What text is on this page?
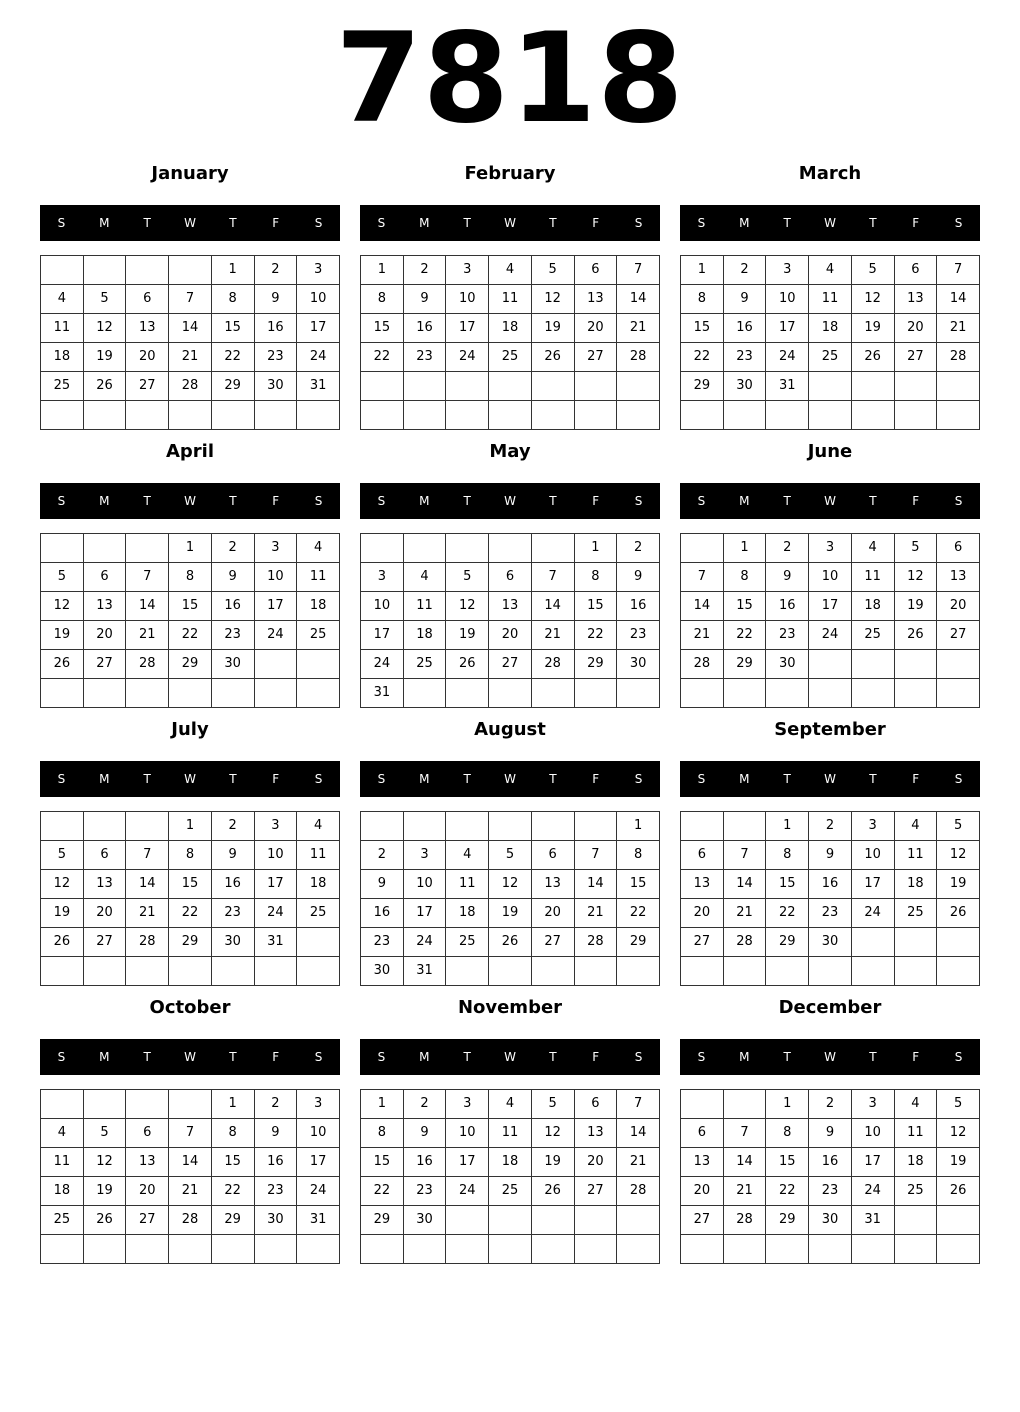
7818
January
S	M	T	W	T	F	S
				1	2	3
4	5	6	7	8	9	10
11	12	13	14	15	16	17
18	19	20	21	22	23	24
25	26	27	28	29	30	31

February
S	M	T	W	T	F	S
1	2	3	4	5	6	7
8	9	10	11	12	13	14
15	16	17	18	19	20	21
22	23	24	25	26	27	28

March
S	M	T	W	T	F	S
1	2	3	4	5	6	7
8	9	10	11	12	13	14
15	16	17	18	19	20	21
22	23	24	25	26	27	28
29	30	31				

April
S	M	T	W	T	F	S
			1	2	3	4
5	6	7	8	9	10	11
12	13	14	15	16	17	18
19	20	21	22	23	24	25
26	27	28	29	30		

May
S	M	T	W	T	F	S
					1	2
3	4	5	6	7	8	9
10	11	12	13	14	15	16
17	18	19	20	21	22	23
24	25	26	27	28	29	30
31						
June
S	M	T	W	T	F	S
	1	2	3	4	5	6
7	8	9	10	11	12	13
14	15	16	17	18	19	20
21	22	23	24	25	26	27
28	29	30				

July
S	M	T	W	T	F	S
			1	2	3	4
5	6	7	8	9	10	11
12	13	14	15	16	17	18
19	20	21	22	23	24	25
26	27	28	29	30	31	

August
S	M	T	W	T	F	S
						1
2	3	4	5	6	7	8
9	10	11	12	13	14	15
16	17	18	19	20	21	22
23	24	25	26	27	28	29
30	31					
September
S	M	T	W	T	F	S
		1	2	3	4	5
6	7	8	9	10	11	12
13	14	15	16	17	18	19
20	21	22	23	24	25	26
27	28	29	30			

October
S	M	T	W	T	F	S
				1	2	3
4	5	6	7	8	9	10
11	12	13	14	15	16	17
18	19	20	21	22	23	24
25	26	27	28	29	30	31

November
S	M	T	W	T	F	S
1	2	3	4	5	6	7
8	9	10	11	12	13	14
15	16	17	18	19	20	21
22	23	24	25	26	27	28
29	30					

December
S	M	T	W	T	F	S
		1	2	3	4	5
6	7	8	9	10	11	12
13	14	15	16	17	18	19
20	21	22	23	24	25	26
27	28	29	30	31		
